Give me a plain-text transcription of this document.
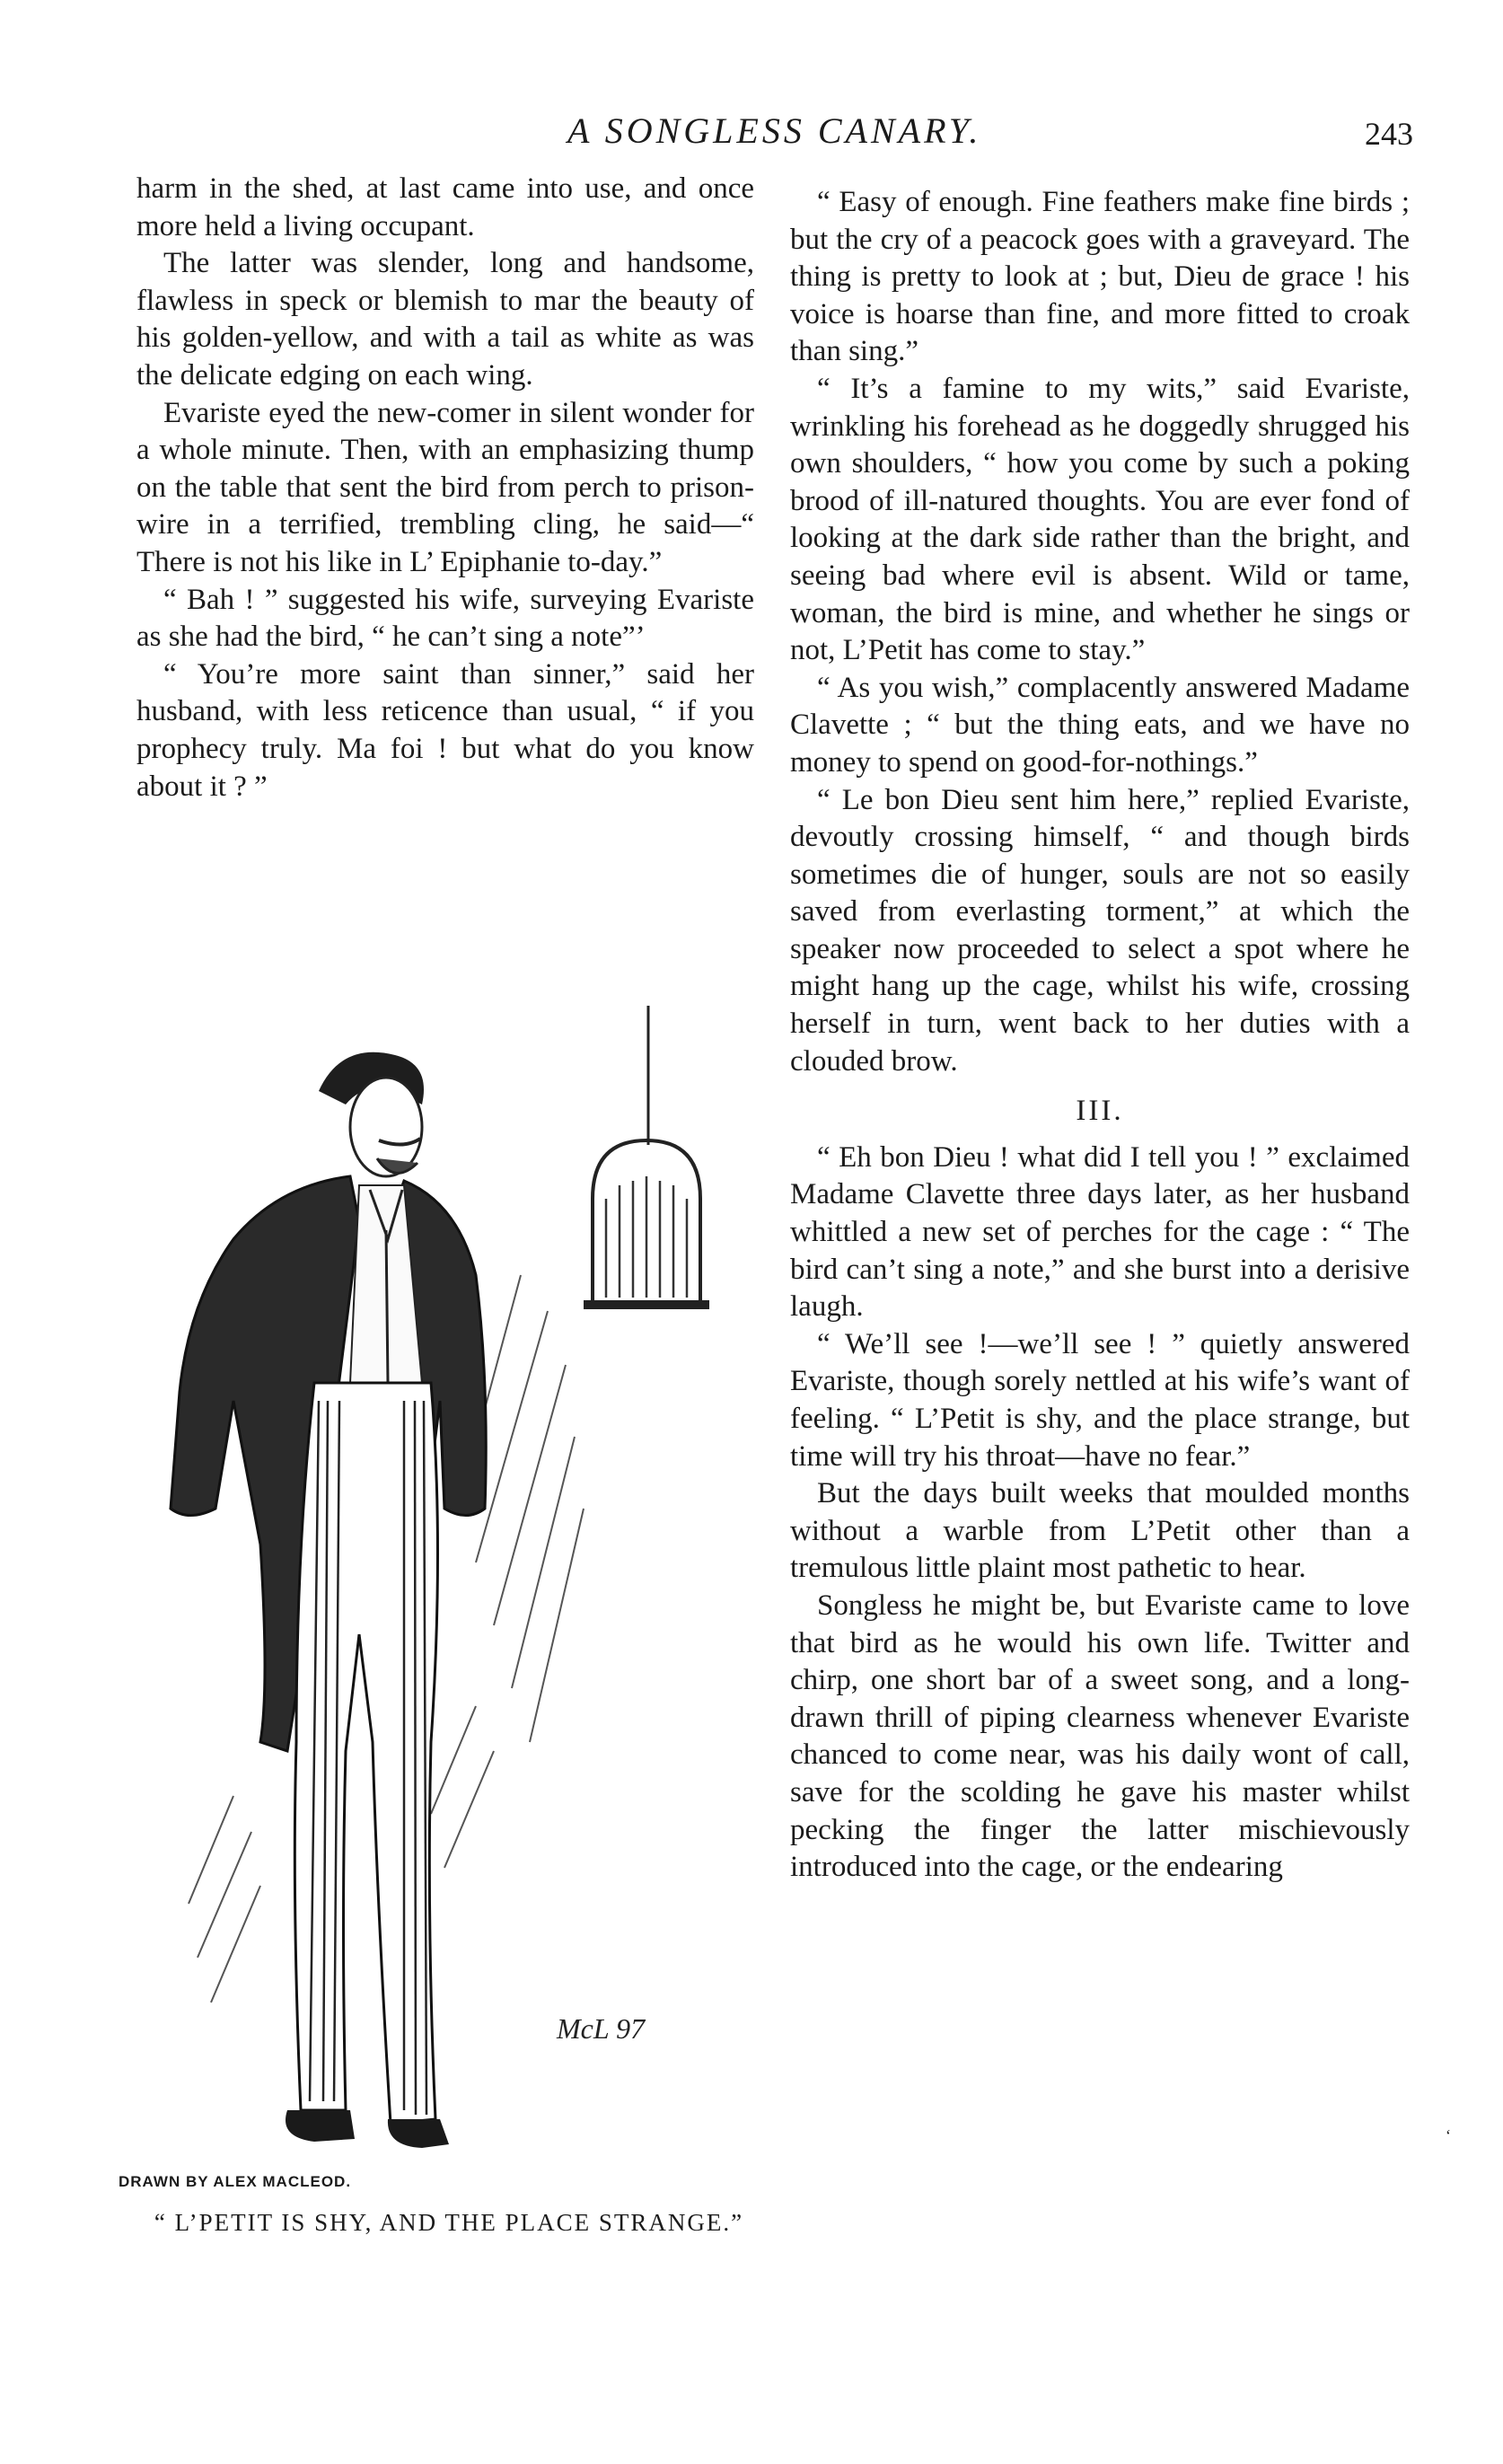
A SONGLESS CANARY.	243

harm in the shed, at last came into use, and once more held a living occupant.

The latter was slender, long and handsome, flawless in speck or blemish to mar the beauty of his golden-yellow, and with a tail as white as was the delicate edging on each wing.

Evariste eyed the new-comer in silent wonder for a whole minute. Then, with an emphasizing thump on the table that sent the bird from perch to prison-wire in a terrified, trembling cling, he said—“ There is not his like in L’ Epiphanie to-day.”

“ Bah ! ” suggested his wife, surveying Evariste as she had the bird, “ he can’t sing a note”’

“ You’re more saint than sinner,” said her husband, with less reticence than usual, “ if you prophecy truly. Ma foi ! but what do you know about it ? ”

“ Easy of enough. Fine feathers make fine birds ; but the cry of a peacock goes with a graveyard. The thing is pretty to look at ; but, Dieu de grace ! his voice is hoarse than fine, and more fitted to croak than sing.”

“ It’s a famine to my wits,” said Evariste, wrinkling his forehead as he doggedly shrugged his own shoulders, “ how you come by such a poking brood of ill-natured thoughts. You are ever fond of looking at the dark side rather than the bright, and seeing bad where evil is absent. Wild or tame, woman, the bird is mine, and whether he sings or not, L’Petit has come to stay.”

“ As you wish,” complacently answered Madame Clavette ; “ but the thing eats, and we have no money to spend on good-for-nothings.”

“ Le bon Dieu sent him here,” replied Evariste, devoutly crossing himself, “ and though birds sometimes die of hunger, souls are not so easily saved from everlasting torment,” at which the speaker now proceeded to select a spot where he might hang up the cage, whilst his wife, crossing herself in turn, went back to her duties with a clouded brow.

III.

“ Eh bon Dieu ! what did I tell you ! ” exclaimed Madame Clavette three days later, as her husband whittled a new set of perches for the cage : “ The bird can’t sing a note,” and she burst into a derisive laugh.

“ We’ll see !—we’ll see ! ” quietly answered Evariste, though sorely nettled at his wife’s want of feeling. “ L’Petit is shy, and the place strange, but time will try his throat—have no fear.”

But the days built weeks that moulded months without a warble from L’Petit other than a tremulous little plaint most pathetic to hear.

Songless he might be, but Evariste came to love that bird as he would his own life. Twitter and chirp, one short bar of a sweet song, and a long-drawn thrill of piping clearness whenever Evariste chanced to come near, was his daily wont of call, save for the scolding he gave his master whilst pecking the finger the latter mischievously introduced into the cage, or the endearing

McL 97
DRAWN BY ALEX MACLEOD.
“ L’PETIT IS SHY, AND THE PLACE STRANGE.”
‘
